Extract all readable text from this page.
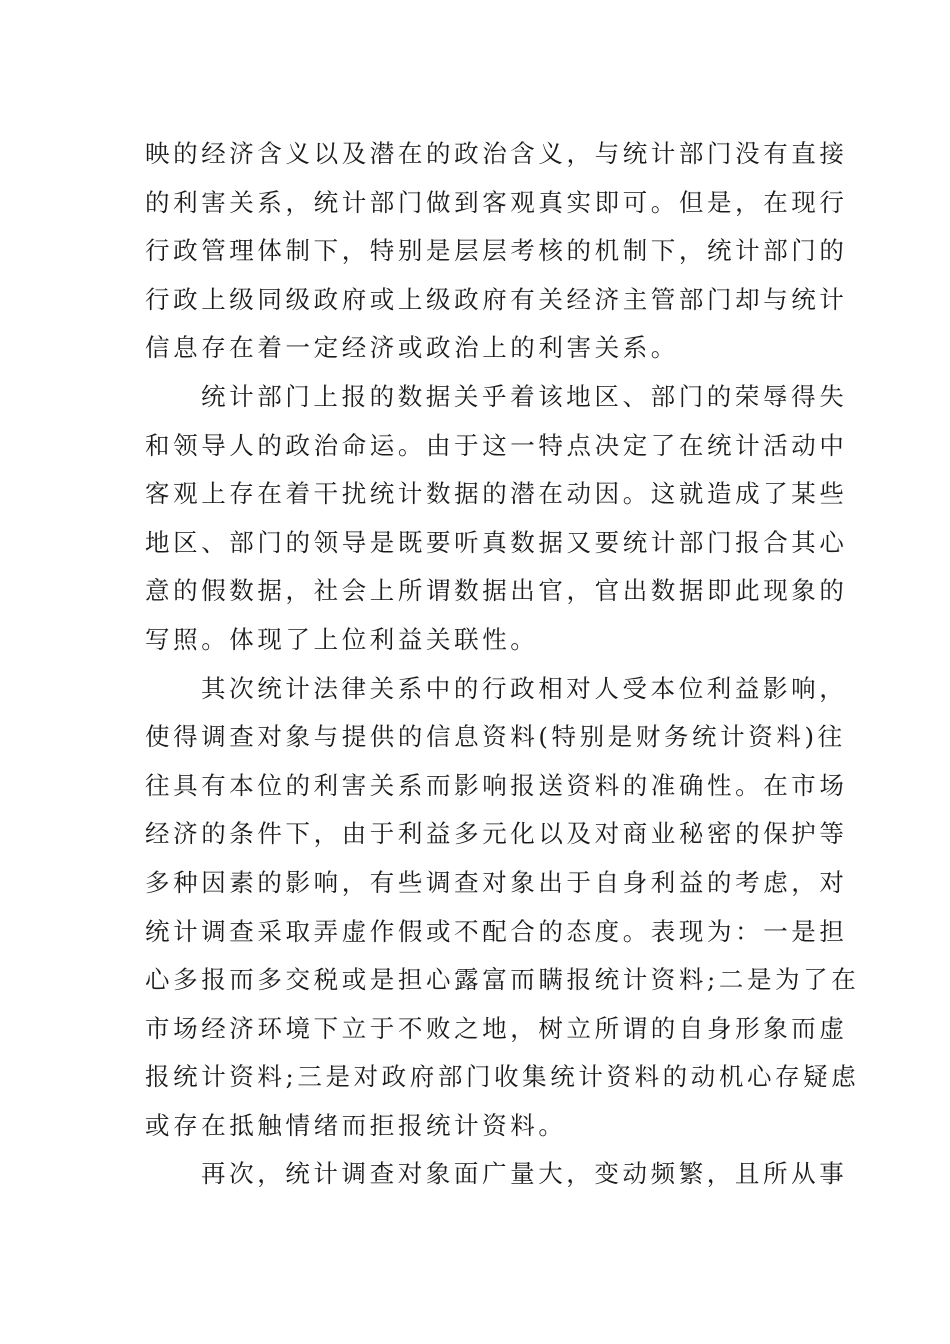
映的经济含义以及潜在的政治含义，与统计部门没有直接
的利害关系，统计部门做到客观真实即可。但是，在现行
行政管理体制下，特别是层层考核的机制下，统计部门的
行政上级同级政府或上级政府有关经济主管部门却与统计
信息存在着一定经济或政治上的利害关系。
统计部门上报的数据关乎着该地区、部门的荣辱得失
和领导人的政治命运。由于这一特点决定了在统计活动中
客观上存在着干扰统计数据的潜在动因。这就造成了某些
地区、部门的领导是既要听真数据又要统计部门报合其心
意的假数据，社会上所谓数据出官，官出数据即此现象的
写照。体现了上位利益关联性。
其次统计法律关系中的行政相对人受本位利益影响，
使得调查对象与提供的信息资料(特别是财务统计资料)往
往具有本位的利害关系而影响报送资料的准确性。在市场
经济的条件下，由于利益多元化以及对商业秘密的保护等
多种因素的影响，有些调查对象出于自身利益的考虑，对
统计调查采取弄虚作假或不配合的态度。表现为：一是担
心多报而多交税或是担心露富而瞒报统计资料;二是为了在
市场经济环境下立于不败之地，树立所谓的自身形象而虚
报统计资料;三是对政府部门收集统计资料的动机心存疑虑
或存在抵触情绪而拒报统计资料。
再次，统计调查对象面广量大，变动频繁，且所从事
